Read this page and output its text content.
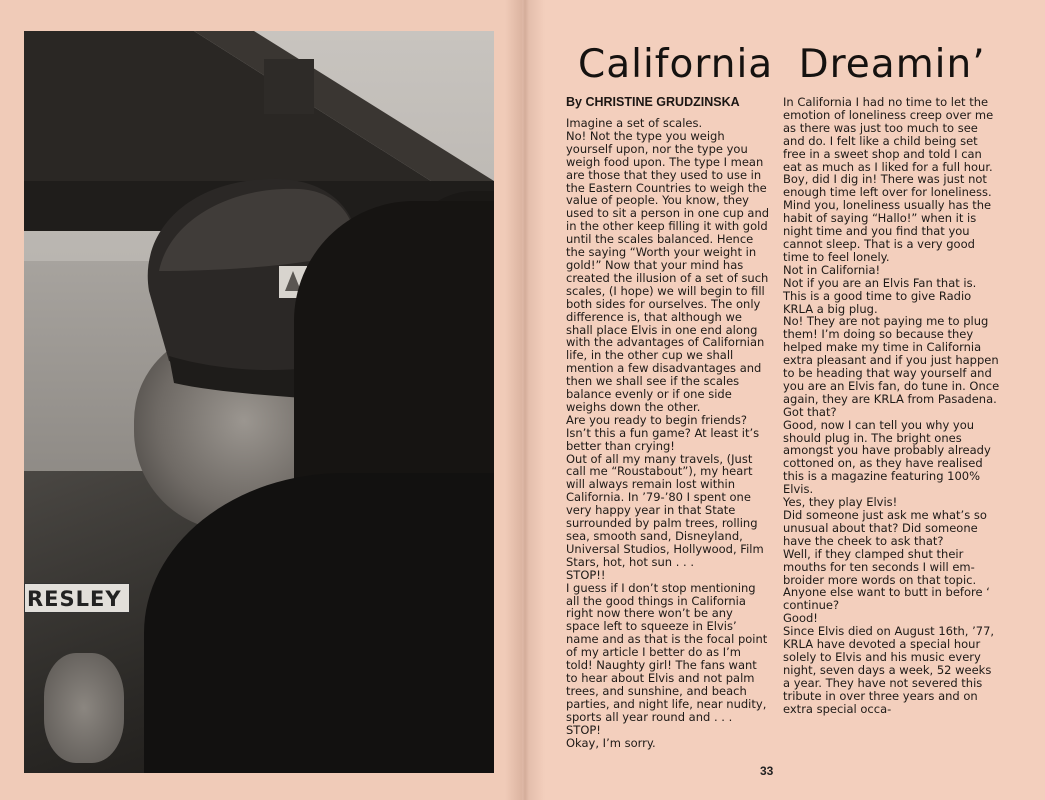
RESLEY
California Dreamin’
By CHRISTINE GRUDZINSKA

Imagine a set of scales.
No! Not the type you weigh yourself upon, nor the type you weigh food upon. The type I mean are those that they used to use in the Eastern Countries to weigh the value of people. You know, they used to sit a person in one cup and in the other keep filling it with gold until the scales balanced. Hence the saying “Worth your weight in gold!” Now that your mind has created the illusion of a set of such scales, (I hope) we will begin to fill both sides for ourselves. The only difference is, that although we shall place Elvis in one end along with the advantages of Californian life, in the other cup we shall mention a few disadvantages and then we shall see if the scales balance evenly or if one side weighs down the other.
Are you ready to begin friends?
Isn’t this a fun game? At least it’s better than crying!
Out of all my many travels, (Just call me “Roustabout”), my heart will always remain lost within California. In ’79-’80 I spent one very happy year in that State surrounded by palm trees, rolling sea, smooth sand, Disneyland, Universal Studios, Hollywood, Film Stars, hot, hot sun . . .
STOP!!
I guess if I don’t stop mentioning all the good things in California right now there won’t be any space left to squeeze in Elvis’ name and as that is the focal point of my article I better do as I’m told! Naughty girl! The fans want to hear about Elvis and not palm trees, and sunshine, and beach parties, and night life, near nudity, sports all year round and . . .
STOP!
Okay, I’m sorry.

In California I had no time to let the emotion of loneliness creep over me as there was just too much to see and do. I felt like a child being set free in a sweet shop and told I can eat as much as I liked for a full hour. Boy, did I dig in! There was just not enough time left over for loneliness. Mind you, loneliness usually has the habit of saying “Hallo!” when it is night time and you find that you cannot sleep. That is a very good time to feel lonely.
Not in California!
Not if you are an Elvis Fan that is.
This is a good time to give Radio KRLA a big plug.
No! They are not paying me to plug them! I’m doing so because they helped make my time in California extra pleasant and if you just happen to be heading that way yourself and you are an Elvis fan, do tune in. Once again, they are KRLA from Pasadena.
Got that?
Good, now I can tell you why you should plug in. The bright ones amongst you have probably already cottoned on, as they have realised this is a magazine featuring 100% Elvis.
Yes, they play Elvis!
Did someone just ask me what’s so unusual about that? Did someone have the cheek to ask that?
Well, if they clamped shut their mouths for ten seconds I will embroider more words on that topic. Anyone else want to butt in before ‘ continue?
Good!
Since Elvis died on August 16th, ’77, KRLA have devoted a special hour solely to Elvis and his music every night, seven days a week, 52 weeks a year. They have not severed this tribute in over three years and on extra special occa-

33
